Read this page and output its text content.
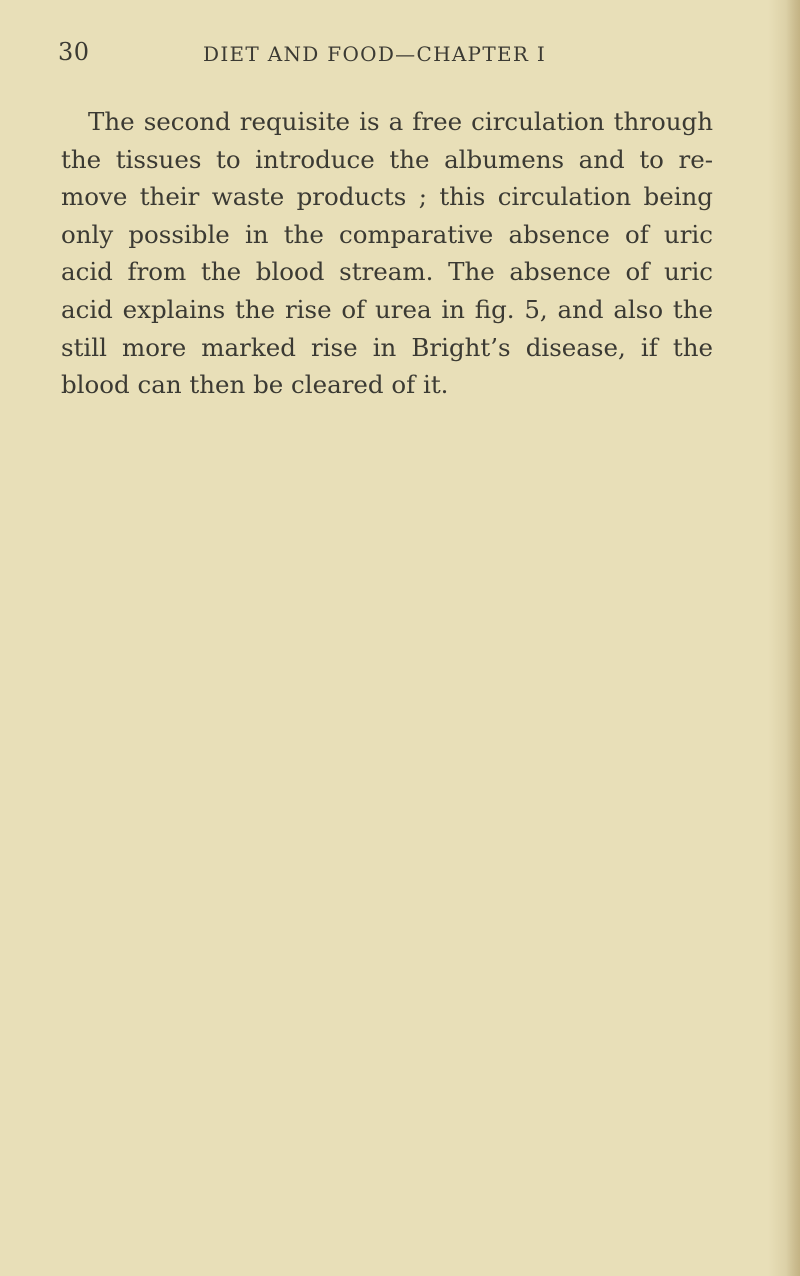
30	DIET AND FOOD—CHAPTER I
The second requisite is a free circulation through
the tissues to introduce the albumens and to re-
move their waste products ; this circulation being
only possible in the comparative absence of uric
acid from the blood stream. The absence of uric
acid explains the rise of urea in fig. 5, and also the
still more marked rise in Bright’s disease, if the
blood can then be cleared of it.
